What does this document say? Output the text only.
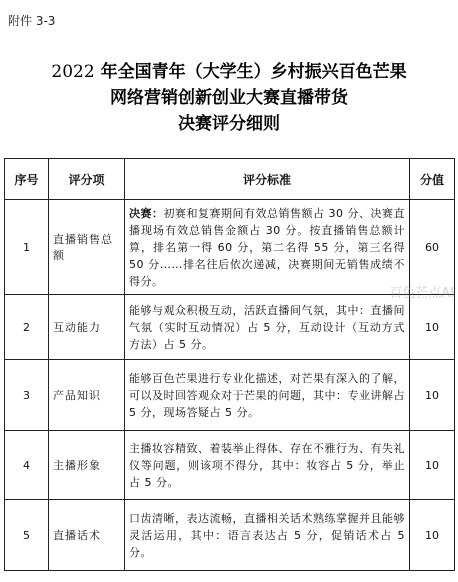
附件 3-3
2022 年全国青年（大学生）乡村振兴百色芒果
网络营销创新创业大赛直播带货
决赛评分细则
序号	评分项	评分标准	分值
1	直播销售总额	决赛：初赛和复赛期间有效总销售额占 30 分、决赛直播现场有效总销售金额占 30 分。按直播销售总额计算，排名第一得 60 分，第二名得 55 分，第三名得 50 分……排名往后依次递减，决赛期间无销售成绩不得分。	60
2	互动能力	能够与观众积极互动，活跃直播间气氛，其中：直播间气氛（实时互动情况）占 5 分，互动设计（互动方式方法）占 5 分。	10
3	产品知识	能够百色芒果进行专业化描述，对芒果有深入的了解，可以及时回答观众对于芒果的问题，其中：专业讲解占 5 分，现场答疑占 5 分。	10
4	主播形象	主播妆容精致、着装举止得体、存在不雅行为、有失礼仪等问题，则该项不得分，其中：妆容占 5 分，举止占 5 分。	10
5	直播话术	口齿清晰，表达流畅，直播相关话术熟练掌握并且能够灵活运用，其中：语言表达占 5 分，促销话术占 5 分。	10
百色芒点AI
